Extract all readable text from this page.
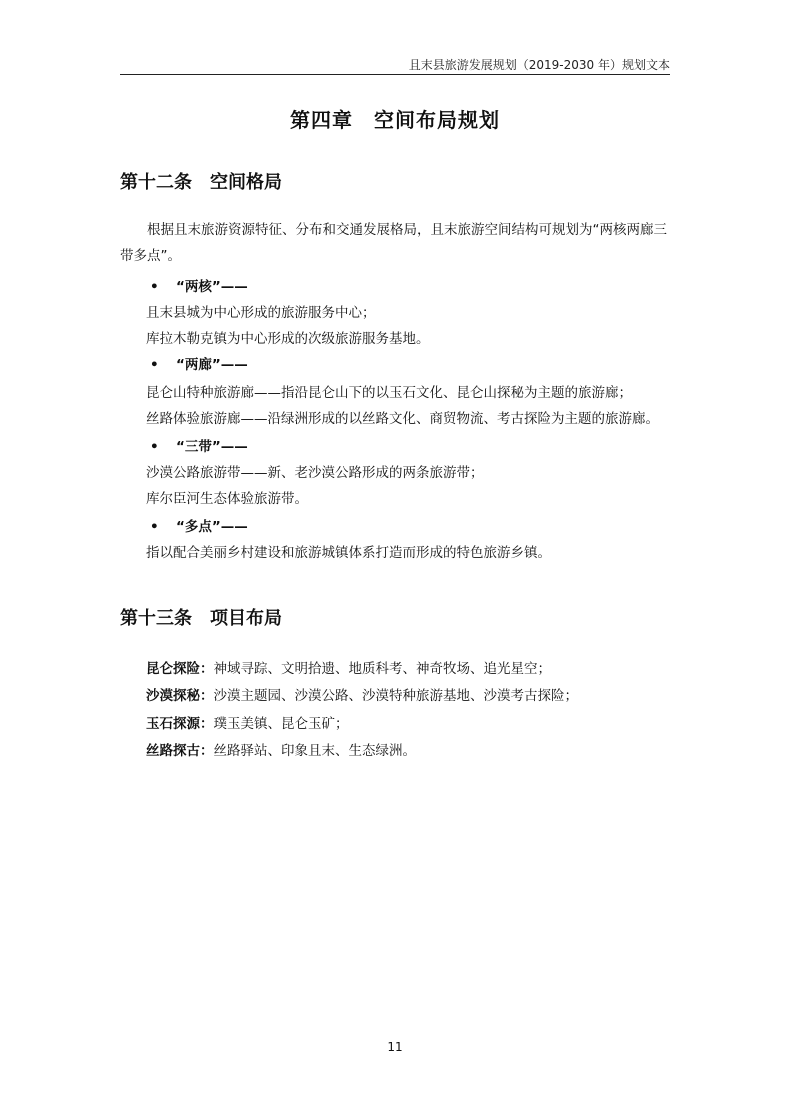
且末县旅游发展规划（2019-2030 年）规划文本
第四章　空间布局规划
第十二条　空间格局
根据且末旅游资源特征、分布和交通发展格局，且末旅游空间结构可规划为“两核两廊三带多点”。
• “两核”——
且末县城为中心形成的旅游服务中心；
库拉木勒克镇为中心形成的次级旅游服务基地。
• “两廊”——
昆仑山特种旅游廊——指沿昆仑山下的以玉石文化、昆仑山探秘为主题的旅游廊；
丝路体验旅游廊——沿绿洲形成的以丝路文化、商贸物流、考古探险为主题的旅游廊。
• “三带”——
沙漠公路旅游带——新、老沙漠公路形成的两条旅游带；
库尔臣河生态体验旅游带。
• “多点”——
指以配合美丽乡村建设和旅游城镇体系打造而形成的特色旅游乡镇。
第十三条　项目布局
昆仑探险：神域寻踪、文明拾遗、地质科考、神奇牧场、追光星空；
沙漠探秘：沙漠主题园、沙漠公路、沙漠特种旅游基地、沙漠考古探险；
玉石探源：璞玉美镇、昆仑玉矿；
丝路探古：丝路驿站、印象且末、生态绿洲。
11
